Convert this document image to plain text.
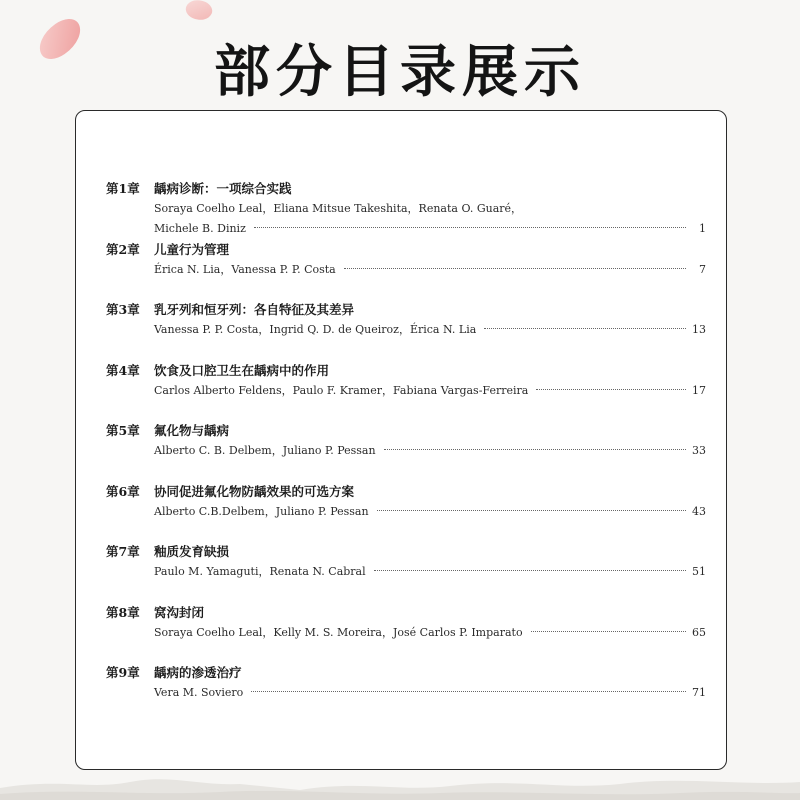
部分目录展示
第1章 龋病诊断：一项综合实践
Soraya Coelho Leal，Eliana Mitsue Takeshita，Renata O. Guaré，
Michele B. Diniz	1
第2章 儿童行为管理
Érica N. Lia，Vanessa P. P. Costa	7
第3章 乳牙列和恒牙列：各自特征及其差异
Vanessa P. P. Costa，Ingrid Q. D. de Queiroz，Érica N. Lia	13
第4章 饮食及口腔卫生在龋病中的作用
Carlos Alberto Feldens，Paulo F. Kramer，Fabiana Vargas-Ferreira	17
第5章 氟化物与龋病
Alberto C. B. Delbem，Juliano P. Pessan	33
第6章 协同促进氟化物防龋效果的可选方案
Alberto C.B.Delbem，Juliano P. Pessan	43
第7章 釉质发育缺损
Paulo M. Yamaguti，Renata N. Cabral	51
第8章 窝沟封闭
Soraya Coelho Leal，Kelly M. S. Moreira，José Carlos P. Imparato	65
第9章 龋病的渗透治疗
Vera M. Soviero	71
